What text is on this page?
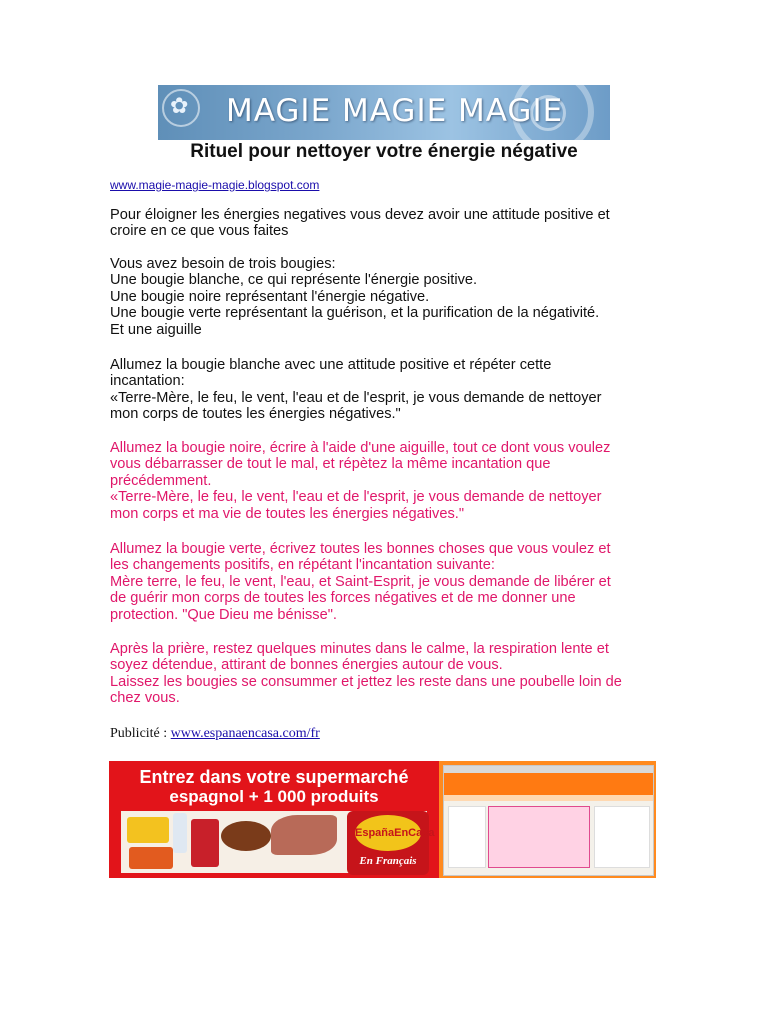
✿ MAGIE MAGIE MAGIE
Rituel pour nettoyer votre énergie négative
www.magie-magie-magie.blogspot.com
Pour éloigner les énergies negatives vous devez avoir une attitude positive et
croire en ce que vous faites
Vous avez besoin de trois bougies:
Une bougie blanche, ce qui représente l'énergie positive.
Une bougie noire représentant l'énergie négative.
Une bougie verte représentant la guérison, et la purification de la négativité.
Et une aiguille
Allumez la bougie blanche avec une attitude positive et répéter cette
incantation:
«Terre-Mère, le feu, le vent, l'eau et de l'esprit, je vous demande de nettoyer
mon corps de toutes les énergies négatives."
Allumez la bougie noire, écrire à l'aide d'une aiguille, tout ce dont vous voulez
vous débarrasser de tout le mal, et répètez la même incantation que
précédemment.
«Terre-Mère, le feu, le vent, l'eau et de l'esprit, je vous demande de nettoyer
mon corps et ma vie de toutes les énergies négatives."
Allumez la bougie verte, écrivez toutes les bonnes choses que vous voulez et
les changements positifs, en répétant l'incantation suivante:
Mère terre, le feu, le vent, l'eau, et Saint-Esprit, je vous demande de libérer et
de guérir mon corps de toutes les forces négatives et de me donner une
protection. "Que Dieu me bénisse".
Après la prière, restez quelques minutes dans le calme, la respiration lente et
soyez détendue, attirant de bonnes énergies autour de vous.
Laissez les bougies se consummer et jettez les reste dans une poubelle loin de
chez vous.
Publicité : www.espanaencasa.com/fr
Entrez dans votre supermarché
espagnol + 1 000 produits
EspañaEnCasa
En Français
